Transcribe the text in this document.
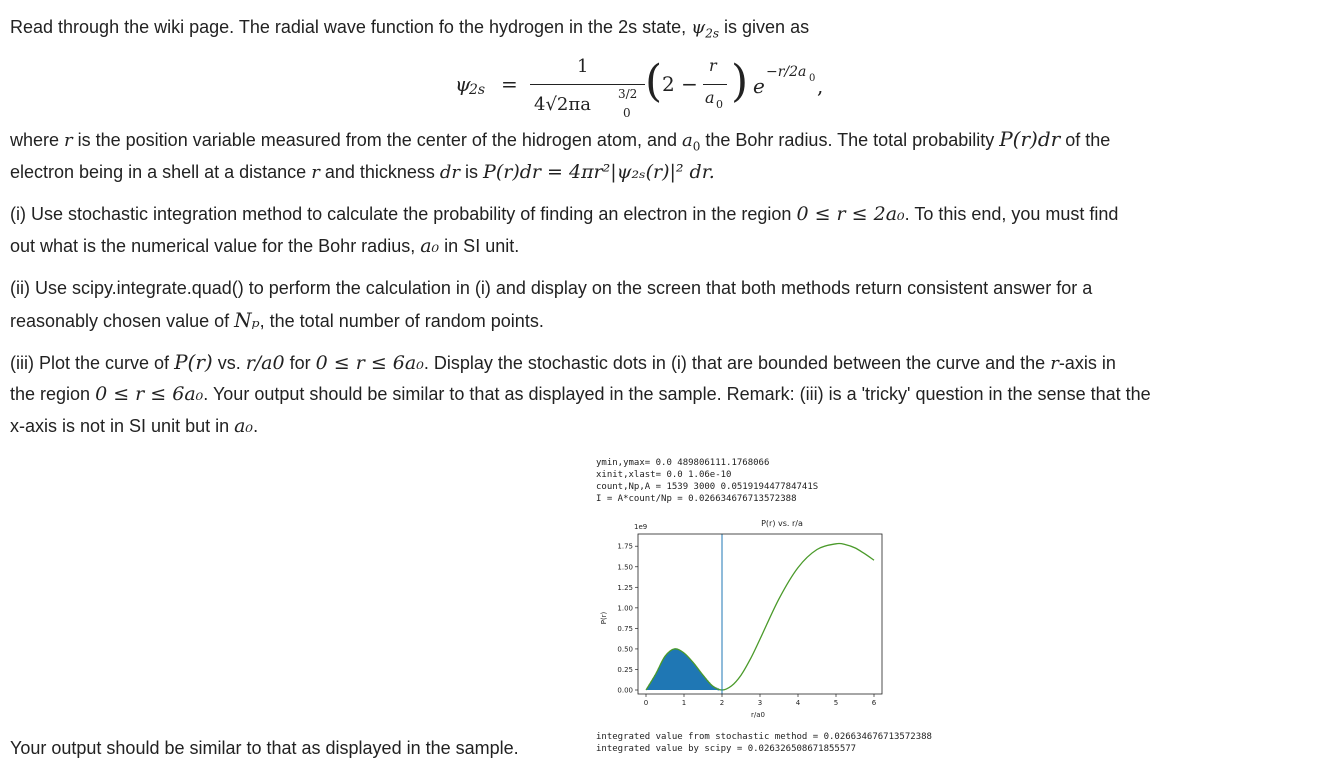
Read through the wiki page. The radial wave function fo the hydrogen in the 2s state, $\psi_{2s}$ is given as
ψ
2s =
1
4√2πa 3/2
0
( 2 −
r
a 0 ) e
−r/2a 0 ,
where r is the position variable measured from the center of the hidrogen atom, and $a_0$ the Bohr radius. The total probability P(r)dr of the
electron being in a shell at a distance r and thickness dr is P(r)dr = 4πr²|ψ₂ₛ(r)|² dr.
(i) Use stochastic integration method to calculate the probability of finding an electron in the region 0 ≤ r ≤ 2a₀. To this end, you must find
out what is the numerical value for the Bohr radius, a₀ in SI unit.
(ii) Use scipy.integrate.quad() to perform the calculation in (i) and display on the screen that both methods return consistent answer for a
reasonably chosen value of Nₚ, the total number of random points.
(iii) Plot the curve of P(r) vs. r/a0 for 0 ≤ r ≤ 6a₀. Display the stochastic dots in (i) that are bounded between the curve and the r-axis in
the region 0 ≤ r ≤ 6a₀. Your output should be similar to that as displayed in the sample. Remark: (iii) is a 'tricky' question in the sense that the
x-axis is not in SI unit but in a₀.
ymin,ymax= 0.0 489806111.1768066
xinit,xlast= 0.0 1.06e-10
count,Np,A = 1539 3000 0.051919447784741S
I = A*count/Np = 0.026634676713572388
P(r) vs. r/a
1e9
P(r)
r/a0
0.00
0.25
0.50
0.75
1.00
1.25
1.50
1.75
0	1	2	3	4	5	6
integrated value from stochastic method = 0.026634676713572388
integrated value by scipy = 0.026326508671855577
Your output should be similar to that as displayed in the sample.
